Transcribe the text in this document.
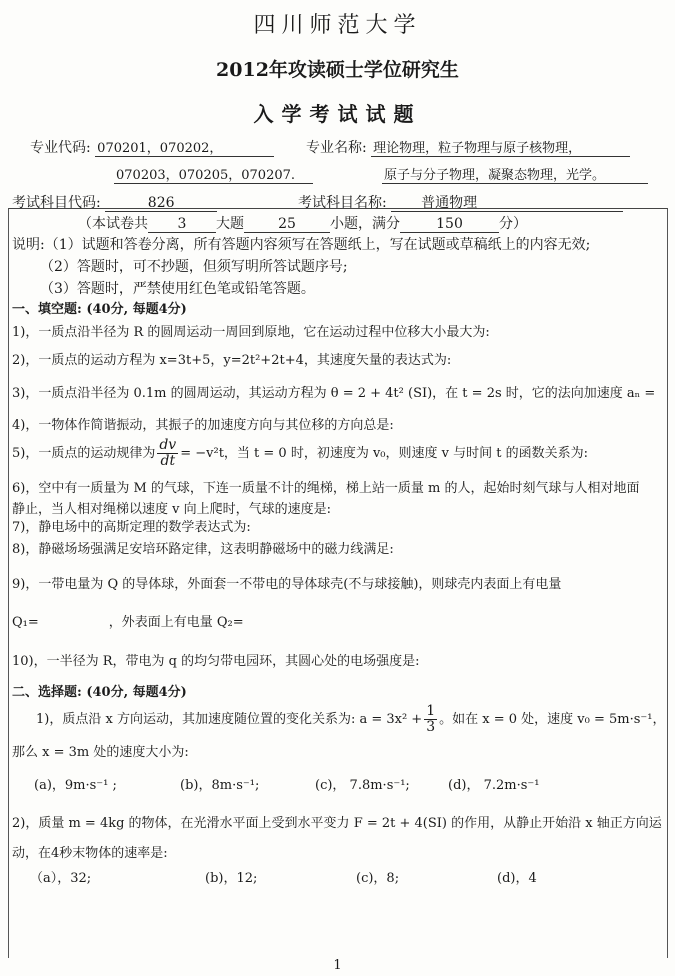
四川师范大学
2012年攻读硕士学位研究生
入学考试试题
专业代码: 070201，070202，	专业名称: 理论物理，粒子物理与原子核物理，
070203，070205，070207.	原子与分子物理，凝聚态物理，光学。
考试科目代码:	826	考试科目名称: 普通物理
（本试卷共 3 大题 25 小题，满分	150	分）
说明:（1）试题和答卷分离，所有答题内容须写在答题纸上，写在试题或草稿纸上的内容无效;
（2）答题时，可不抄题，但须写明所答试题序号;
（3）答题时，严禁使用红色笔或铅笔答题。
一、填空题: (40分, 每题4分)
1)，一质点沿半径为 R 的圆周运动一周回到原地，它在运动过程中位移大小最大为:
2)，一质点的运动方程为 x=3t+5，y=2t²+2t+4，其速度矢量的表达式为:
3)，一质点沿半径为 0.1m 的圆周运动，其运动方程为 θ = 2 + 4t² (SI)，在 t = 2s 时，它的法向加速度 aₙ =
4)，一物体作简谐振动，其振子的加速度方向与其位移的方向总是:
5)，一质点的运动规律为 $\frac{dv}{dt} = -v^2t$，当 t = 0 时，初速度为 v₀，则速度 v 与时间 t 的函数关系为:
6)，空中有一质量为 M 的气球，下连一质量不计的绳梯，梯上站一质量 m 的人，起始时刻气球与人相对地面
静止，当人相对绳梯以速度 v 向上爬时，气球的速度是:
7)，静电场中的高斯定理的数学表达式为:
8)，静磁场场强满足安培环路定律，这表明静磁场中的磁力线满足:
9)，一带电量为 Q 的导体球，外面套一不带电的导体球壳(不与球接触)，则球壳内表面上有电量
Q₁=	，外表面上有电量 Q₂=
10)，一半径为 R，带电为 q 的均匀带电园环，其圆心处的电场强度是:
二、选择题: (40分, 每题4分)
1)，质点沿 x 方向运动，其加速度随位置的变化关系为: $a = 3x^2 + \frac{1}{3}$ 。如在 x = 0 处，速度 v₀ = 5m·s⁻¹，
那么 x = 3m 处的速度大小为:
(a)，9m·s⁻¹ ;	(b)，8m·s⁻¹;	(c)， 7.8m·s⁻¹;	(d)， 7.2m·s⁻¹
2)，质量 m = 4kg 的物体，在光滑水平面上受到水平变力 F = 2t + 4(SI) 的作用，从静止开始沿 x 轴正方向运
动，在4秒末物体的速率是:
（a），32;	(b)，12;	(c)，8;	(d)，4
1
